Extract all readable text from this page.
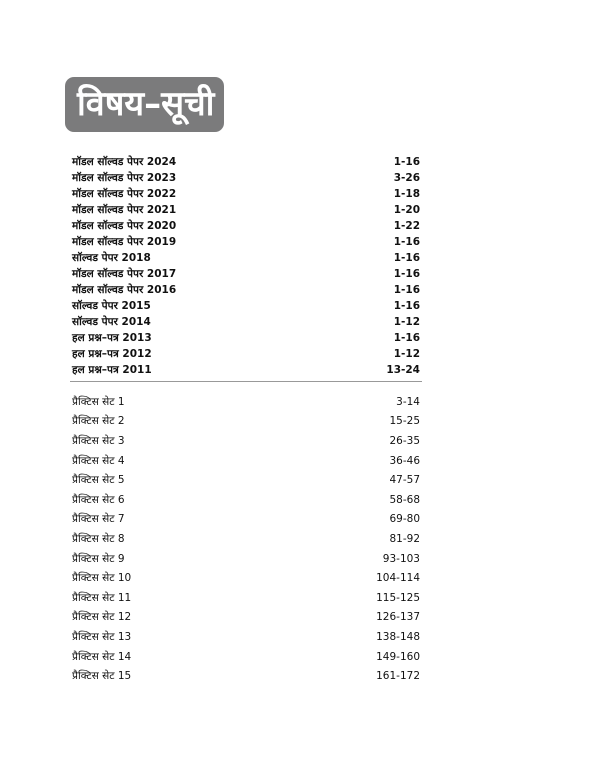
विषय–सूची
मॉडल सॉल्वड पेपर 2024	1-16
मॉडल सॉल्वड पेपर 2023	3-26
मॉडल सॉल्वड पेपर 2022	1-18
मॉडल सॉल्वड पेपर 2021	1-20
मॉडल सॉल्वड पेपर 2020	1-22
मॉडल सॉल्वड पेपर 2019	1-16
सॉल्वड पेपर 2018	1-16
मॉडल सॉल्वड पेपर 2017	1-16
मॉडल सॉल्वड पेपर 2016	1-16
सॉल्वड पेपर 2015	1-16
सॉल्वड पेपर 2014	1-12
हल प्रश्न–पत्र 2013	1-16
हल प्रश्न–पत्र 2012	1-12
हल प्रश्न–पत्र 2011	13-24
प्रैक्टिस सेट 1	3-14
प्रैक्टिस सेट 2	15-25
प्रैक्टिस सेट 3	26-35
प्रैक्टिस सेट 4	36-46
प्रैक्टिस सेट 5	47-57
प्रैक्टिस सेट 6	58-68
प्रैक्टिस सेट 7	69-80
प्रैक्टिस सेट 8	81-92
प्रैक्टिस सेट 9	93-103
प्रैक्टिस सेट 10	104-114
प्रैक्टिस सेट 11	115-125
प्रैक्टिस सेट 12	126-137
प्रैक्टिस सेट 13	138-148
प्रैक्टिस सेट 14	149-160
प्रैक्टिस सेट 15	161-172
